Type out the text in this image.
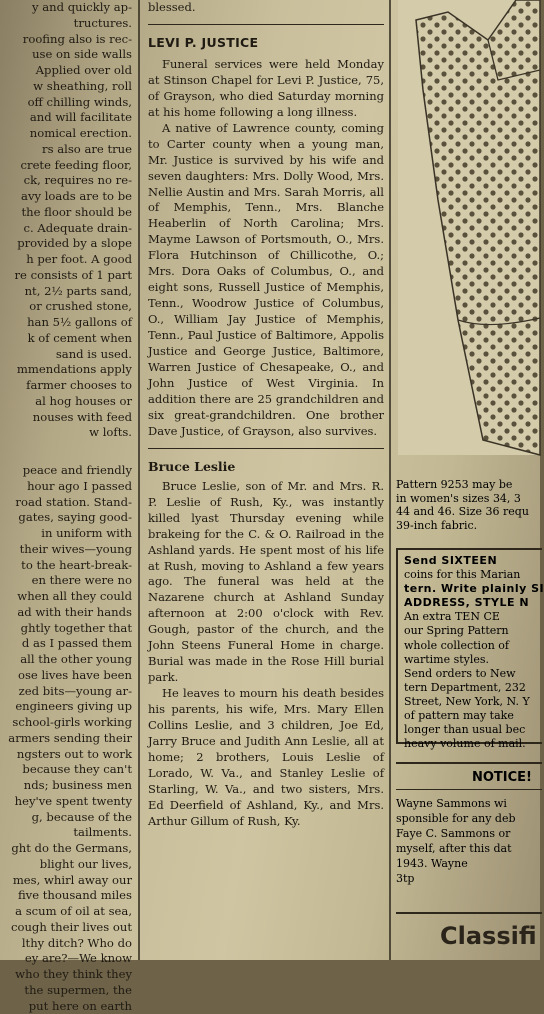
y and quickly ap-
tructures.
roofing also is rec-
use on side walls
Applied over old
w sheathing, roll
off chilling winds,
and will facilitate
nomical erection.
rs also are true
crete feeding floor,
ck, requires no re-
avy loads are to be
the floor should be
c. Adequate drain-
provided by a slope
h per foot. A good
re consists of 1 part
nt, 2½ parts sand,
or crushed stone,
han 5½ gallons of
k of cement when
sand is used.
mmendations apply
farmer chooses to
al hog houses or
nouses with feed
w lofts.
peace and friendly
hour ago I passed
road station. Stand-
gates, saying good-
in uniform with
their wives—young
to the heart-break-
en there were no
when all they could
ad with their hands
ghtly together that
d as I passed them
all the other young
ose lives have been
zed bits—young ar-
engineers giving up
school-girls working
armers sending their
ngsters out to work
because they can't
nds; business men
hey've spent twenty
g, because of the
tailments.
ght do the Germans,
blight our lives,
mes, whirl away our
five thousand miles
a scum of oil at sea,
cough their lives out
lthy ditch? Who do
ey are?—We know
who they think they
the supermen, the
put here on earth

blessed.

LEVI P. JUSTICE

Funeral services were held Monday at Stinson Chapel for Levi P. Justice, 75, of Grayson, who died Saturday morning at his home following a long illness.

A native of Lawrence county, coming to Carter county when a young man, Mr. Justice is survived by his wife and seven daughters: Mrs. Dolly Wood, Mrs. Nellie Austin and Mrs. Sarah Morris, all of Memphis, Tenn., Mrs. Blanche Heaberlin of North Carolina; Mrs. Mayme Lawson of Portsmouth, O., Mrs. Flora Hutchinson of Chillicothe, O.; Mrs. Dora Oaks of Columbus, O., and eight sons, Russell Justice of Memphis, Tenn., Woodrow Justice of Columbus, O., William Jay Justice of Memphis, Tenn., Paul Justice of Baltimore, Appolis Justice and George Justice, Baltimore, Warren Justice of Chesapeake, O., and John Justice of West Virginia. In addition there are 25 grandchildren and six great-grandchildren. One brother Dave Justice, of Grayson, also survives.

Bruce Leslie

Bruce Leslie, son of Mr. and Mrs. R. P. Leslie of Rush, Ky., was instantly killed lyast Thursday evening while brakeing for the C. & O. Railroad in the Ashland yards. He spent most of his life at Rush, moving to Ashland a few years ago. The funeral was held at the Nazarene church at Ashland Sunday afternoon at 2:00 o'clock with Rev. Gough, pastor of the church, and the John Steens Funeral Home in charge. Burial was made in the Rose Hill burial park.

He leaves to mourn his death besides his parents, his wife, Mrs. Mary Ellen Collins Leslie, and 3 children, Joe Ed, Jarry Bruce and Judith Ann Leslie, all at home; 2 brothers, Louis Leslie of Lorado, W. Va., and Stanley Leslie of Starling, W. Va., and two sisters, Mrs. Ed Deerfield of Ashland, Ky., and Mrs. Arthur Gillum of Rush, Ky.

Pattern 9253 may be
in women's sizes 34, 3
44 and 46. Size 36 requ
39-inch fabric.
Send SIXTEEN
coins for this Marian
tern. Write plainly SI
ADDRESS, STYLE N
An extra TEN CE
our Spring Pattern
whole collection of
wartime styles.
Send orders to New
tern Department, 232
Street, New York, N. Y
of pattern may take
longer than usual bec
heavy volume of mail.
NOTICE!
Wayne Sammons wi
sponsible for any deb
Faye C. Sammons or
myself, after this dat
1943. Wayne
3tp
Classifi
